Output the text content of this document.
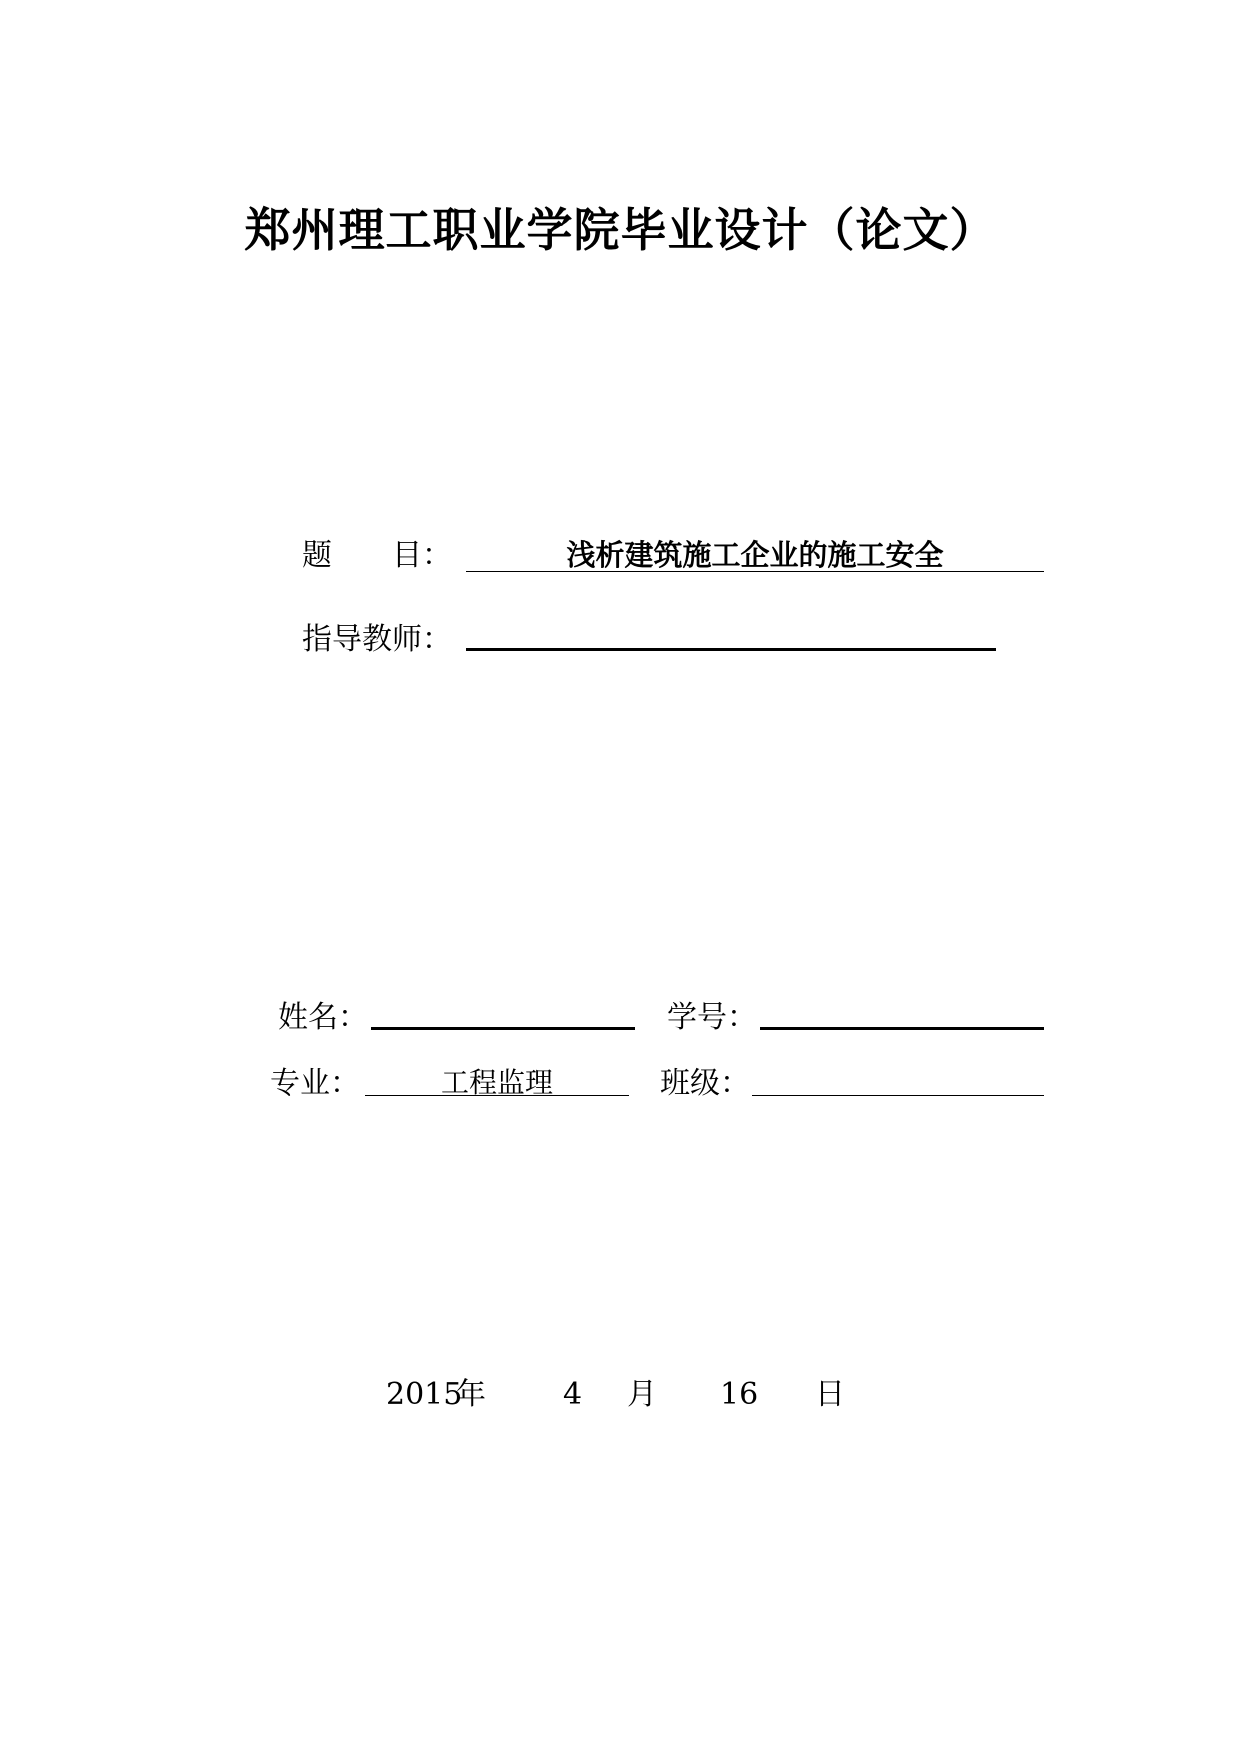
郑州理工职业学院毕业设计（论文）
题　　目：	浅析建筑施工企业的施工安全
指导教师：
姓名：	学号：
专业：	工程监理	班级：
2015
年	4 月 16 日
